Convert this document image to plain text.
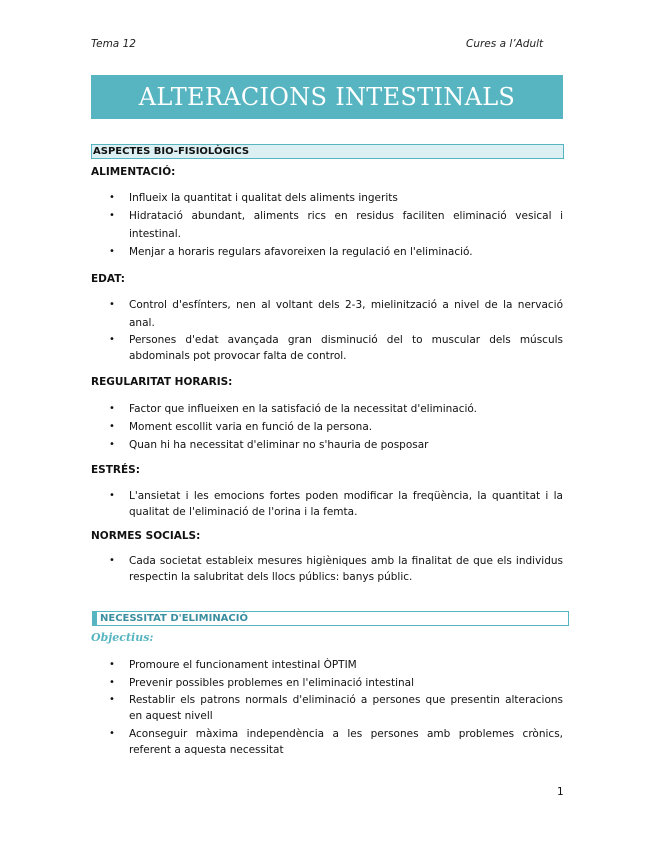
Tema 12	Cures a l’Adult
ALTERACIONS INTESTINALS
ASPECTES BIO-FISIOLÒGICS
ALIMENTACIÓ:
• Influeix la quantitat i qualitat dels aliments ingerits
• Hidratació abundant, aliments rics en residus faciliten eliminació vesical i intestinal.
• Menjar a horaris regulars afavoreixen la regulació en l'eliminació.
EDAT:
• Control d'esfínters, nen al voltant dels 2-3, mielinització a nivel de la nervació anal.
• Persones d'edat avançada gran disminució del to muscular dels músculs abdominals pot provocar falta de control.
REGULARITAT HORARIS:
• Factor que influeixen en la satisfació de la necessitat d'eliminació.
• Moment escollit varia en funció de la persona.
• Quan hi ha necessitat d'eliminar no s'hauria de posposar
ESTRÉS:
• L'ansietat i les emocions fortes poden modificar la freqüència, la quantitat i la qualitat de l'eliminació de l'orina i la femta.
NORMES SOCIALS:
• Cada societat estableix mesures higièniques amb la finalitat de que els individus respectin la salubritat dels llocs públics: banys públic.
NECESSITAT D'ELIMINACIÓ
Objectius:
• Promoure el funcionament intestinal ÒPTIM
• Prevenir possibles problemes en l'eliminació intestinal
• Restablir els patrons normals d'eliminació a persones que presentin alteracions en aquest nivell
• Aconseguir màxima independència a les persones amb problemes crònics, referent a aquesta necessitat
1
